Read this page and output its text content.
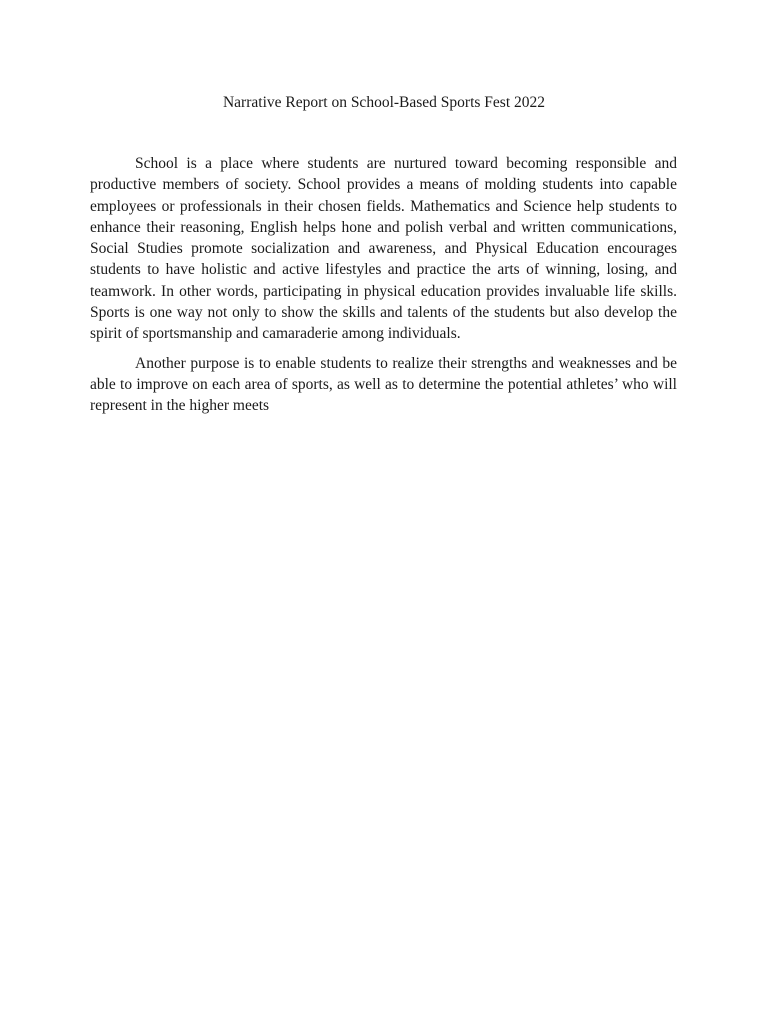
Narrative Report on School-Based Sports Fest 2022

School is a place where students are nurtured toward becoming responsible and productive members of society. School provides a means of molding students into capable employees or professionals in their chosen fields. Mathematics and Science help students to enhance their reasoning, English helps hone and polish verbal and written communications, Social Studies promote socialization and awareness, and Physical Education encourages students to have holistic and active lifestyles and practice the arts of winning, losing, and teamwork. In other words, participating in physical education provides invaluable life skills. Sports is one way not only to show the skills and talents of the students but also develop the spirit of sportsmanship and camaraderie among individuals.

Another purpose is to enable students to realize their strengths and weaknesses and be able to improve on each area of sports, as well as to determine the potential athletes’ who will represent in the higher meets
